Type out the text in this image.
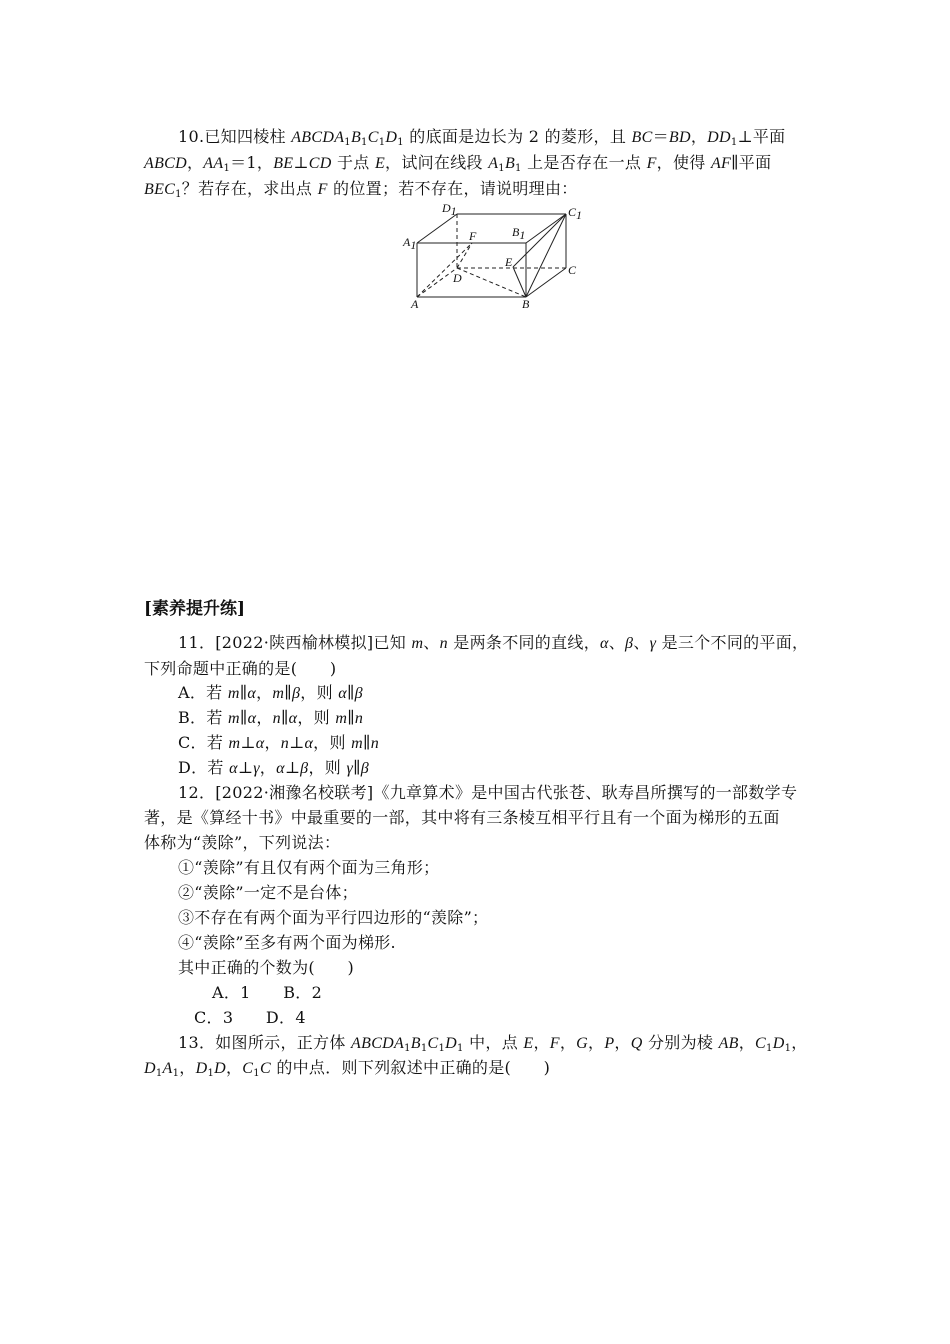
10.已知四棱柱 $ABCDA_1B_1C_1D_1$ 的底面是边长为 2 的菱形，且 BC＝BD，$DD_1\perp$平面
ABCD，$AA_1=1$，BE⊥CD 于点 E，试问在线段 $A_1B_1$ 上是否存在一点 F，使得 AF∥平面
$BEC_1$？若存在，求出点 F 的位置；若不存在，请说明理由：
D1	C1
A1
B1
F
E
D
C
A	B
[素养提升练]
11．[2022·陕西榆林模拟]已知 m、n 是两条不同的直线，α、β、γ 是三个不同的平面，
下列命题中正确的是(　　)
A．若 m∥α，m∥β，则 α∥β
B．若 m∥α，n∥α，则 m∥n
C．若 m⊥α，n⊥α，则 m∥n
D．若 α⊥γ，α⊥β，则 γ∥β
12．[2022·湘豫名校联考]《九章算术》是中国古代张苍、耿寿昌所撰写的一部数学专
著，是《算经十书》中最重要的一部，其中将有三条棱互相平行且有一个面为梯形的五面
体称为“羡除”，下列说法：
①“羡除”有且仅有两个面为三角形；
②“羡除”一定不是台体；
③不存在有两个面为平行四边形的“羡除”；
④“羡除”至多有两个面为梯形.
其中正确的个数为(　　)
A．1　　B．2
C．3　　D．4
13．如图所示，正方体 $ABCDA_1B_1C_1D_1$ 中，点 E，F，G，P，Q 分别为棱 AB，$C_1D_1$，
$D_1A_1$，$D_1D$，$C_1C$ 的中点．则下列叙述中正确的是(　　)
